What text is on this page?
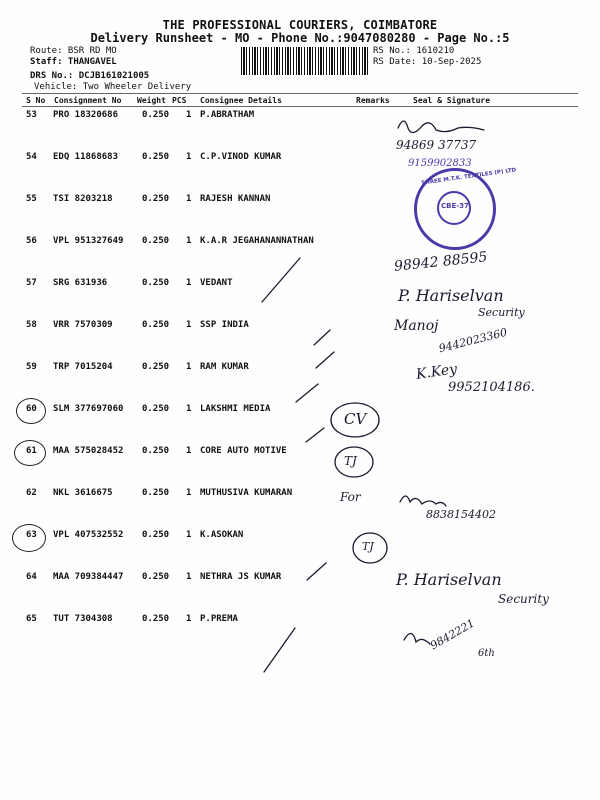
THE PROFESSIONAL COURIERS, COIMBATORE
Delivery Runsheet - MO - Phone No.:9047080280 - Page No.:5
Route: BSR RD MO
Staff: THANGAVEL
DRS No.: DCJB161021005
Vehicle: Two Wheeler Delivery
RS No.: 1610210
RS Date: 10-Sep-2025
S No Consignment No Weight PCS Consignee Details	Remarks	Seal & Signature
53 PRO 18320686	0.250 1 P.ABRATHAM
54 EDQ 11868683	0.250 1 C.P.VINOD KUMAR
55 TSI 8203218	0.250 1 RAJESH KANNAN
56 VPL 951327649 0.250 1 K.A.R JEGAHANANNATHAN
57 SRG 631936	0.250 1 VEDANT
58 VRR 7570309	0.250 1 SSP INDIA
59 TRP 7015204	0.250 1 RAM KUMAR
60 SLM 377697060 0.250 1 LAKSHMI MEDIA
61 MAA 575028452 0.250 1 CORE AUTO MOTIVE
62 NKL 3616675	0.250 1 MUTHUSIVA KUMARAN
63 VPL 407532552 0.250 1 K.ASOKAN
64 MAA 709384447 0.250 1 NETHRA JS KUMAR
65 TUT 7304308	0.250 1 P.PREMA
SHREE M.T.K. TEXTILES (P) LTD
CBE-37
94869 37737
9159902833
98942 88595
P. Hariselvan
Security
Manoj
9442023360
K.Key
9952104186.
CV
TJ
For
8838154402
TJ
P. Hariselvan
Security
9842221
6th
